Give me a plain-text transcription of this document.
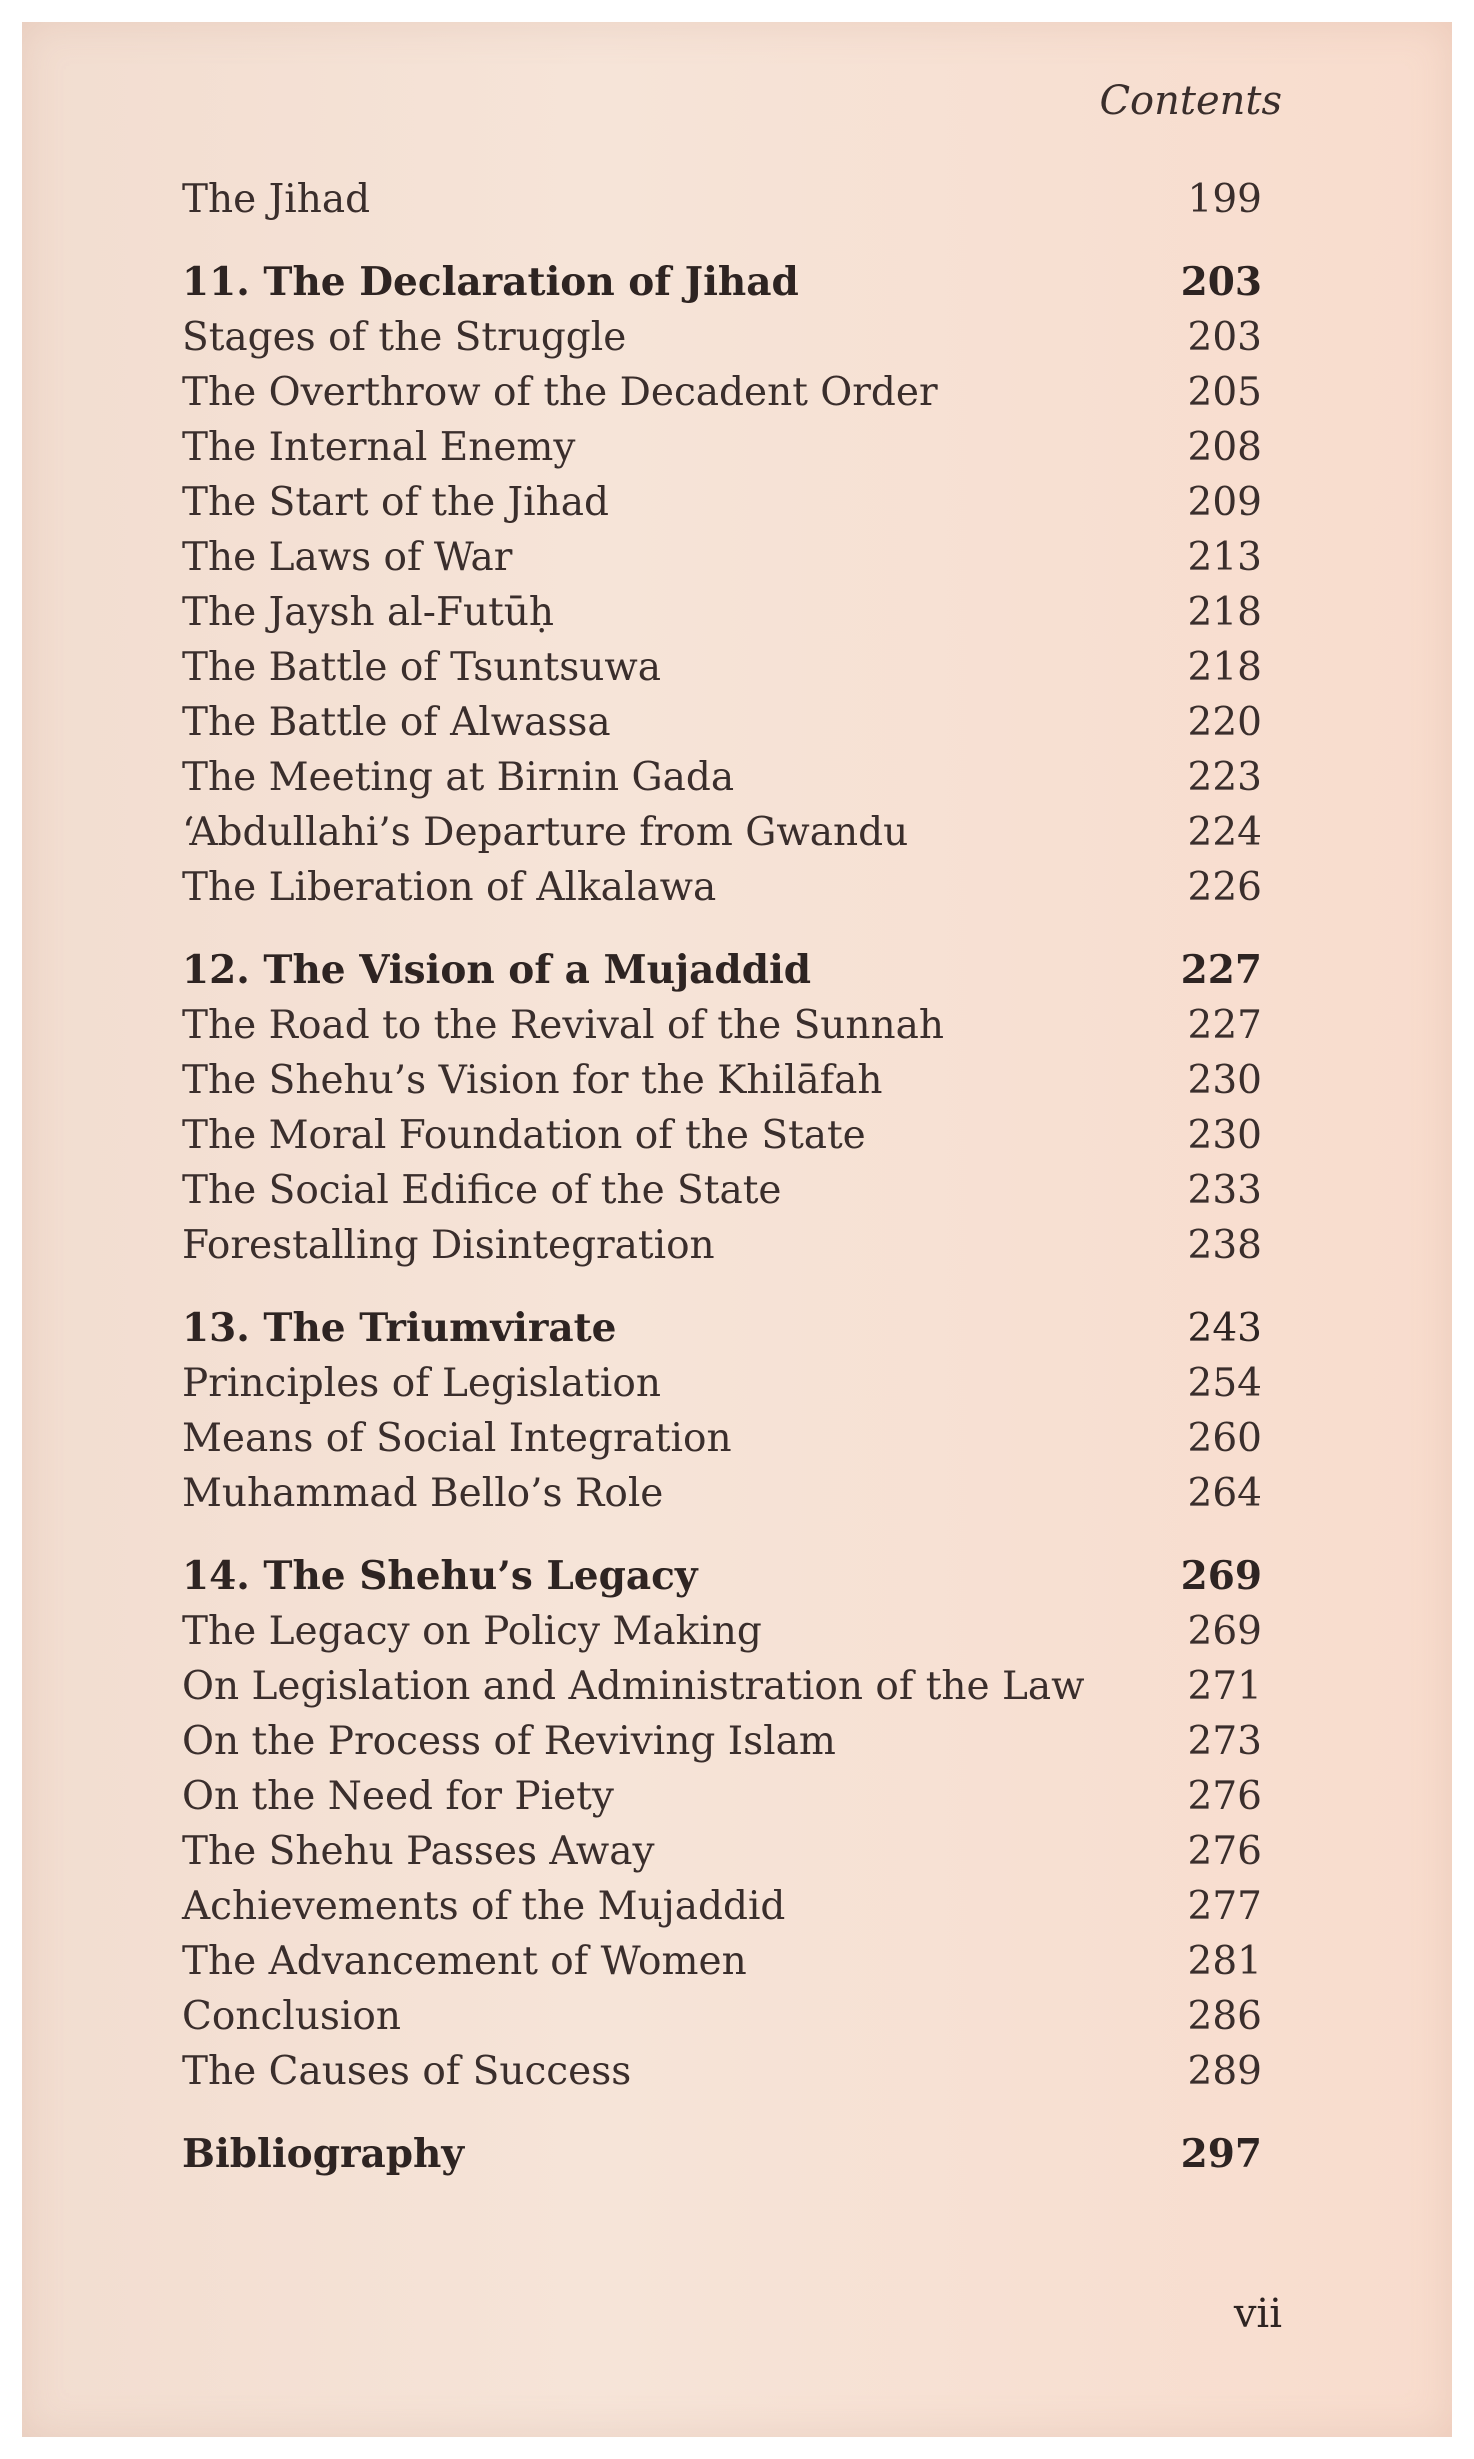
Contents
The Jihad	199
11. The Declaration of Jihad	203
Stages of the Struggle	203
The Overthrow of the Decadent Order	205
The Internal Enemy	208
The Start of the Jihad	209
The Laws of War	213
The Jaysh al-Futūḥ	218
The Battle of Tsuntsuwa	218
The Battle of Alwassa	220
The Meeting at Birnin Gada	223
‘Abdullahi’s Departure from Gwandu	224
The Liberation of Alkalawa	226
12. The Vision of a Mujaddid	227
The Road to the Revival of the Sunnah	227
The Shehu’s Vision for the Khilāfah	230
The Moral Foundation of the State	230
The Social Edifice of the State	233
Forestalling Disintegration	238
13. The Triumvirate	243
Principles of Legislation	254
Means of Social Integration	260
Muhammad Bello’s Role	264
14. The Shehu’s Legacy	269
The Legacy on Policy Making	269
On Legislation and Administration of the Law	271
On the Process of Reviving Islam	273
On the Need for Piety	276
The Shehu Passes Away	276
Achievements of the Mujaddid	277
The Advancement of Women	281
Conclusion	286
The Causes of Success	289
Bibliography	297
vii
